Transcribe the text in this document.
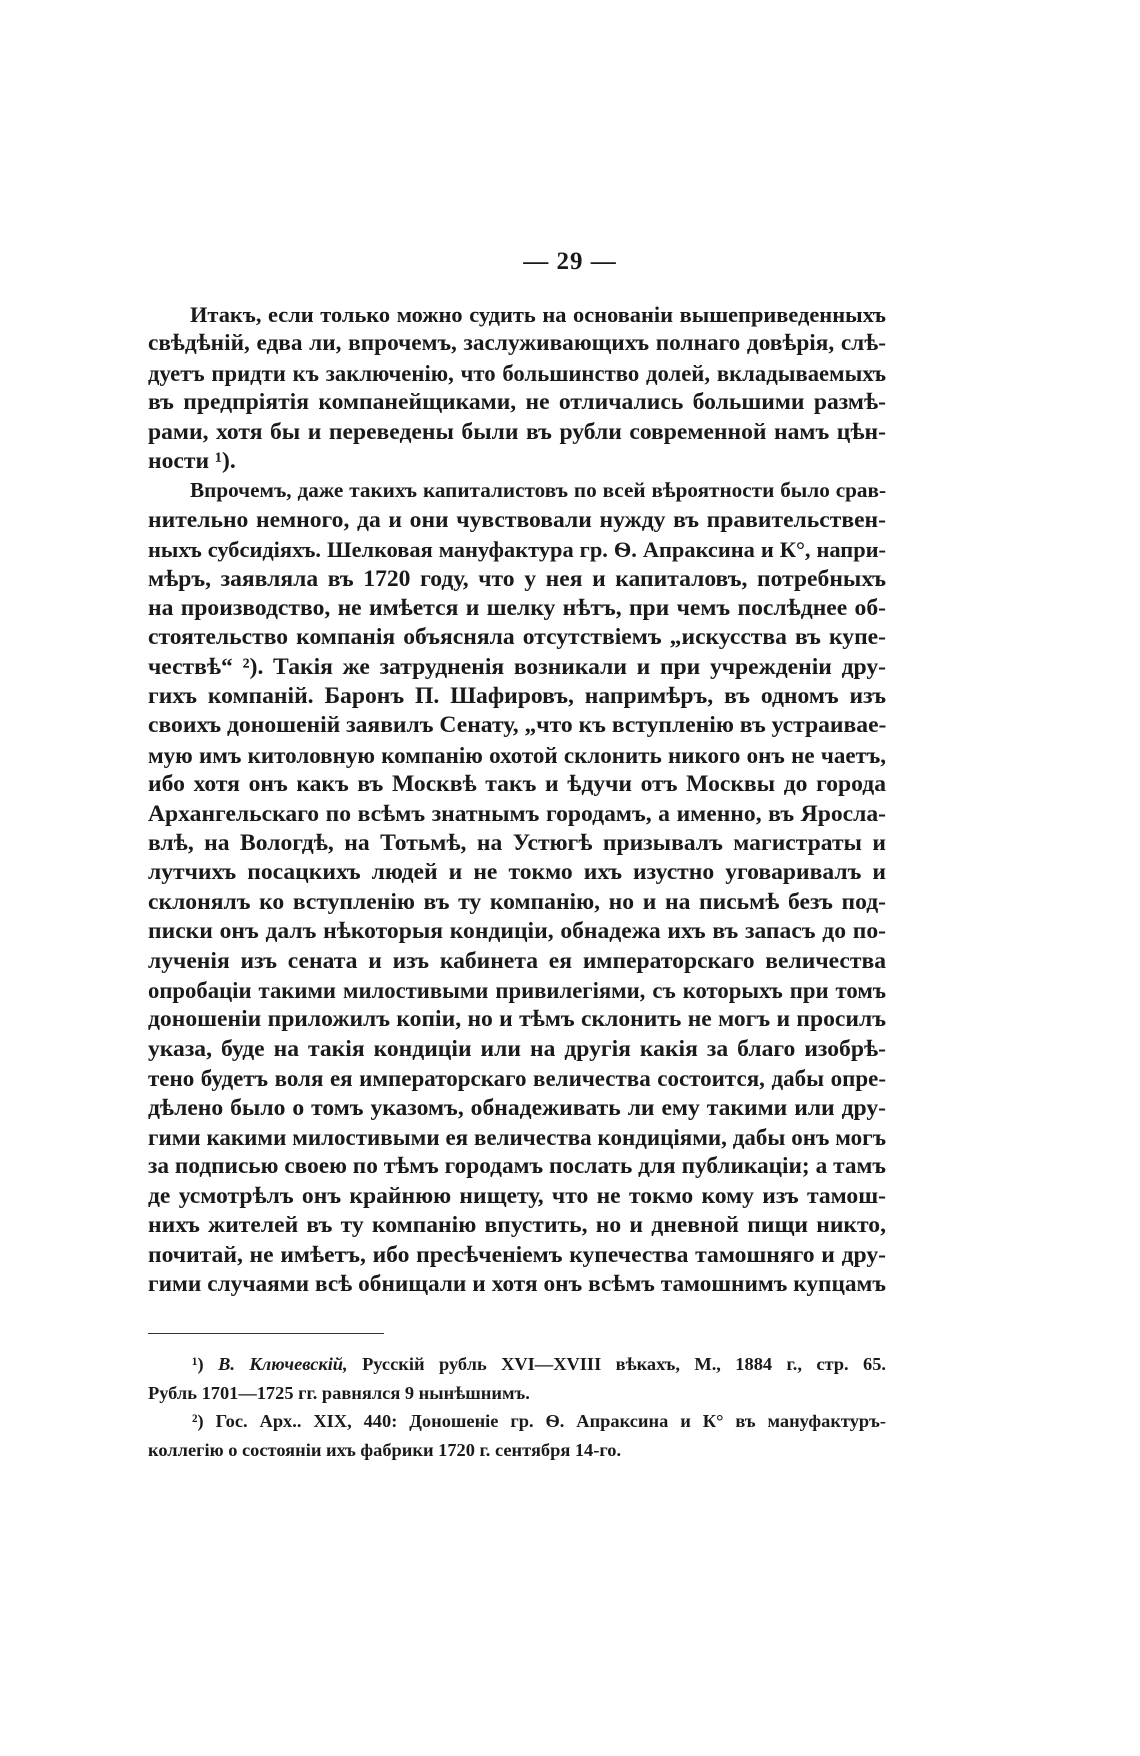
— 29 —
Итакъ, если только можно судить на основаніи вышеприведенныхъ
свѣдѣній, едва ли, впрочемъ, заслуживающихъ полнаго довѣрія, слѣ-
дуетъ придти къ заключенію, что большинство долей, вкладываемыхъ
въ предпріятія компанейщиками, не отличались большими размѣ-
рами, хотя бы и переведены были въ рубли современной намъ цѣн-
ности ¹).
Впрочемъ, даже такихъ капиталистовъ по всей вѣроятности было срав-
нительно немного, да и они чувствовали нужду въ правительствен-
ныхъ субсидіяхъ. Шелковая мануфактура гр. Ѳ. Апраксина и К°, напри-
мѣръ, заявляла въ 1720 году, что у нея и капиталовъ, потребныхъ
на производство, не имѣется и шелку нѣтъ, при чемъ послѣднее об-
стоятельство компанія объясняла отсутствіемъ „искусства въ купе-
чествѣ“ ²). Такія же затрудненія возникали и при учрежденіи дру-
гихъ компаній. Баронъ П. Шафировъ, напримѣръ, въ одномъ изъ
своихъ доношеній заявилъ Сенату, „что къ вступленію въ устраивае-
мую имъ китоловную компанію охотой склонить никого онъ не чаетъ,
ибо хотя онъ какъ въ Москвѣ такъ и ѣдучи отъ Москвы до города
Архангельскаго по всѣмъ знатнымъ городамъ, а именно, въ Яросла-
влѣ, на Вологдѣ, на Тотьмѣ, на Устюгѣ призывалъ магистраты и
лутчихъ посацкихъ людей и не токмо ихъ изустно уговаривалъ и
склонялъ ко вступленію въ ту компанію, но и на письмѣ безъ под-
писки онъ далъ нѣкоторыя кондиціи, обнадежа ихъ въ запасъ до по-
лученія изъ сената и изъ кабинета ея императорскаго величества
опробаціи такими милостивыми привилегіями, съ которыхъ при томъ
доношеніи приложилъ копіи, но и тѣмъ склонить не могъ и просилъ
указа, буде на такія кондиціи или на другія какія за благо изобрѣ-
тено будетъ воля ея императорскаго величества состоится, дабы опре-
дѣлено было о томъ указомъ, обнадеживать ли ему такими или дру-
гими какими милостивыми ея величества кондиціями, дабы онъ могъ
за подписью своею по тѣмъ городамъ послать для публикаціи; а тамъ
де усмотрѣлъ онъ крайнюю нищету, что не токмо кому изъ тамош-
нихъ жителей въ ту компанію впустить, но и дневной пищи никто,
почитай, не имѣетъ, ибо пресѣченіемъ купечества тамошняго и дру-
гими случаями всѣ обнищали и хотя онъ всѣмъ тамошнимъ купцамъ
¹) В. Ключевскій, Русскій рубль XVI—XVIII вѣкахъ, М., 1884 г., стр. 65.
Рубль 1701—1725 гг. равнялся 9 нынѣшнимъ.
²) Гос. Арх.. XIX, 440: Доношеніе гр. Ѳ. Апраксина и К° въ мануфактуръ-
коллегію о состояніи ихъ фабрики 1720 г. сентября 14-го.
